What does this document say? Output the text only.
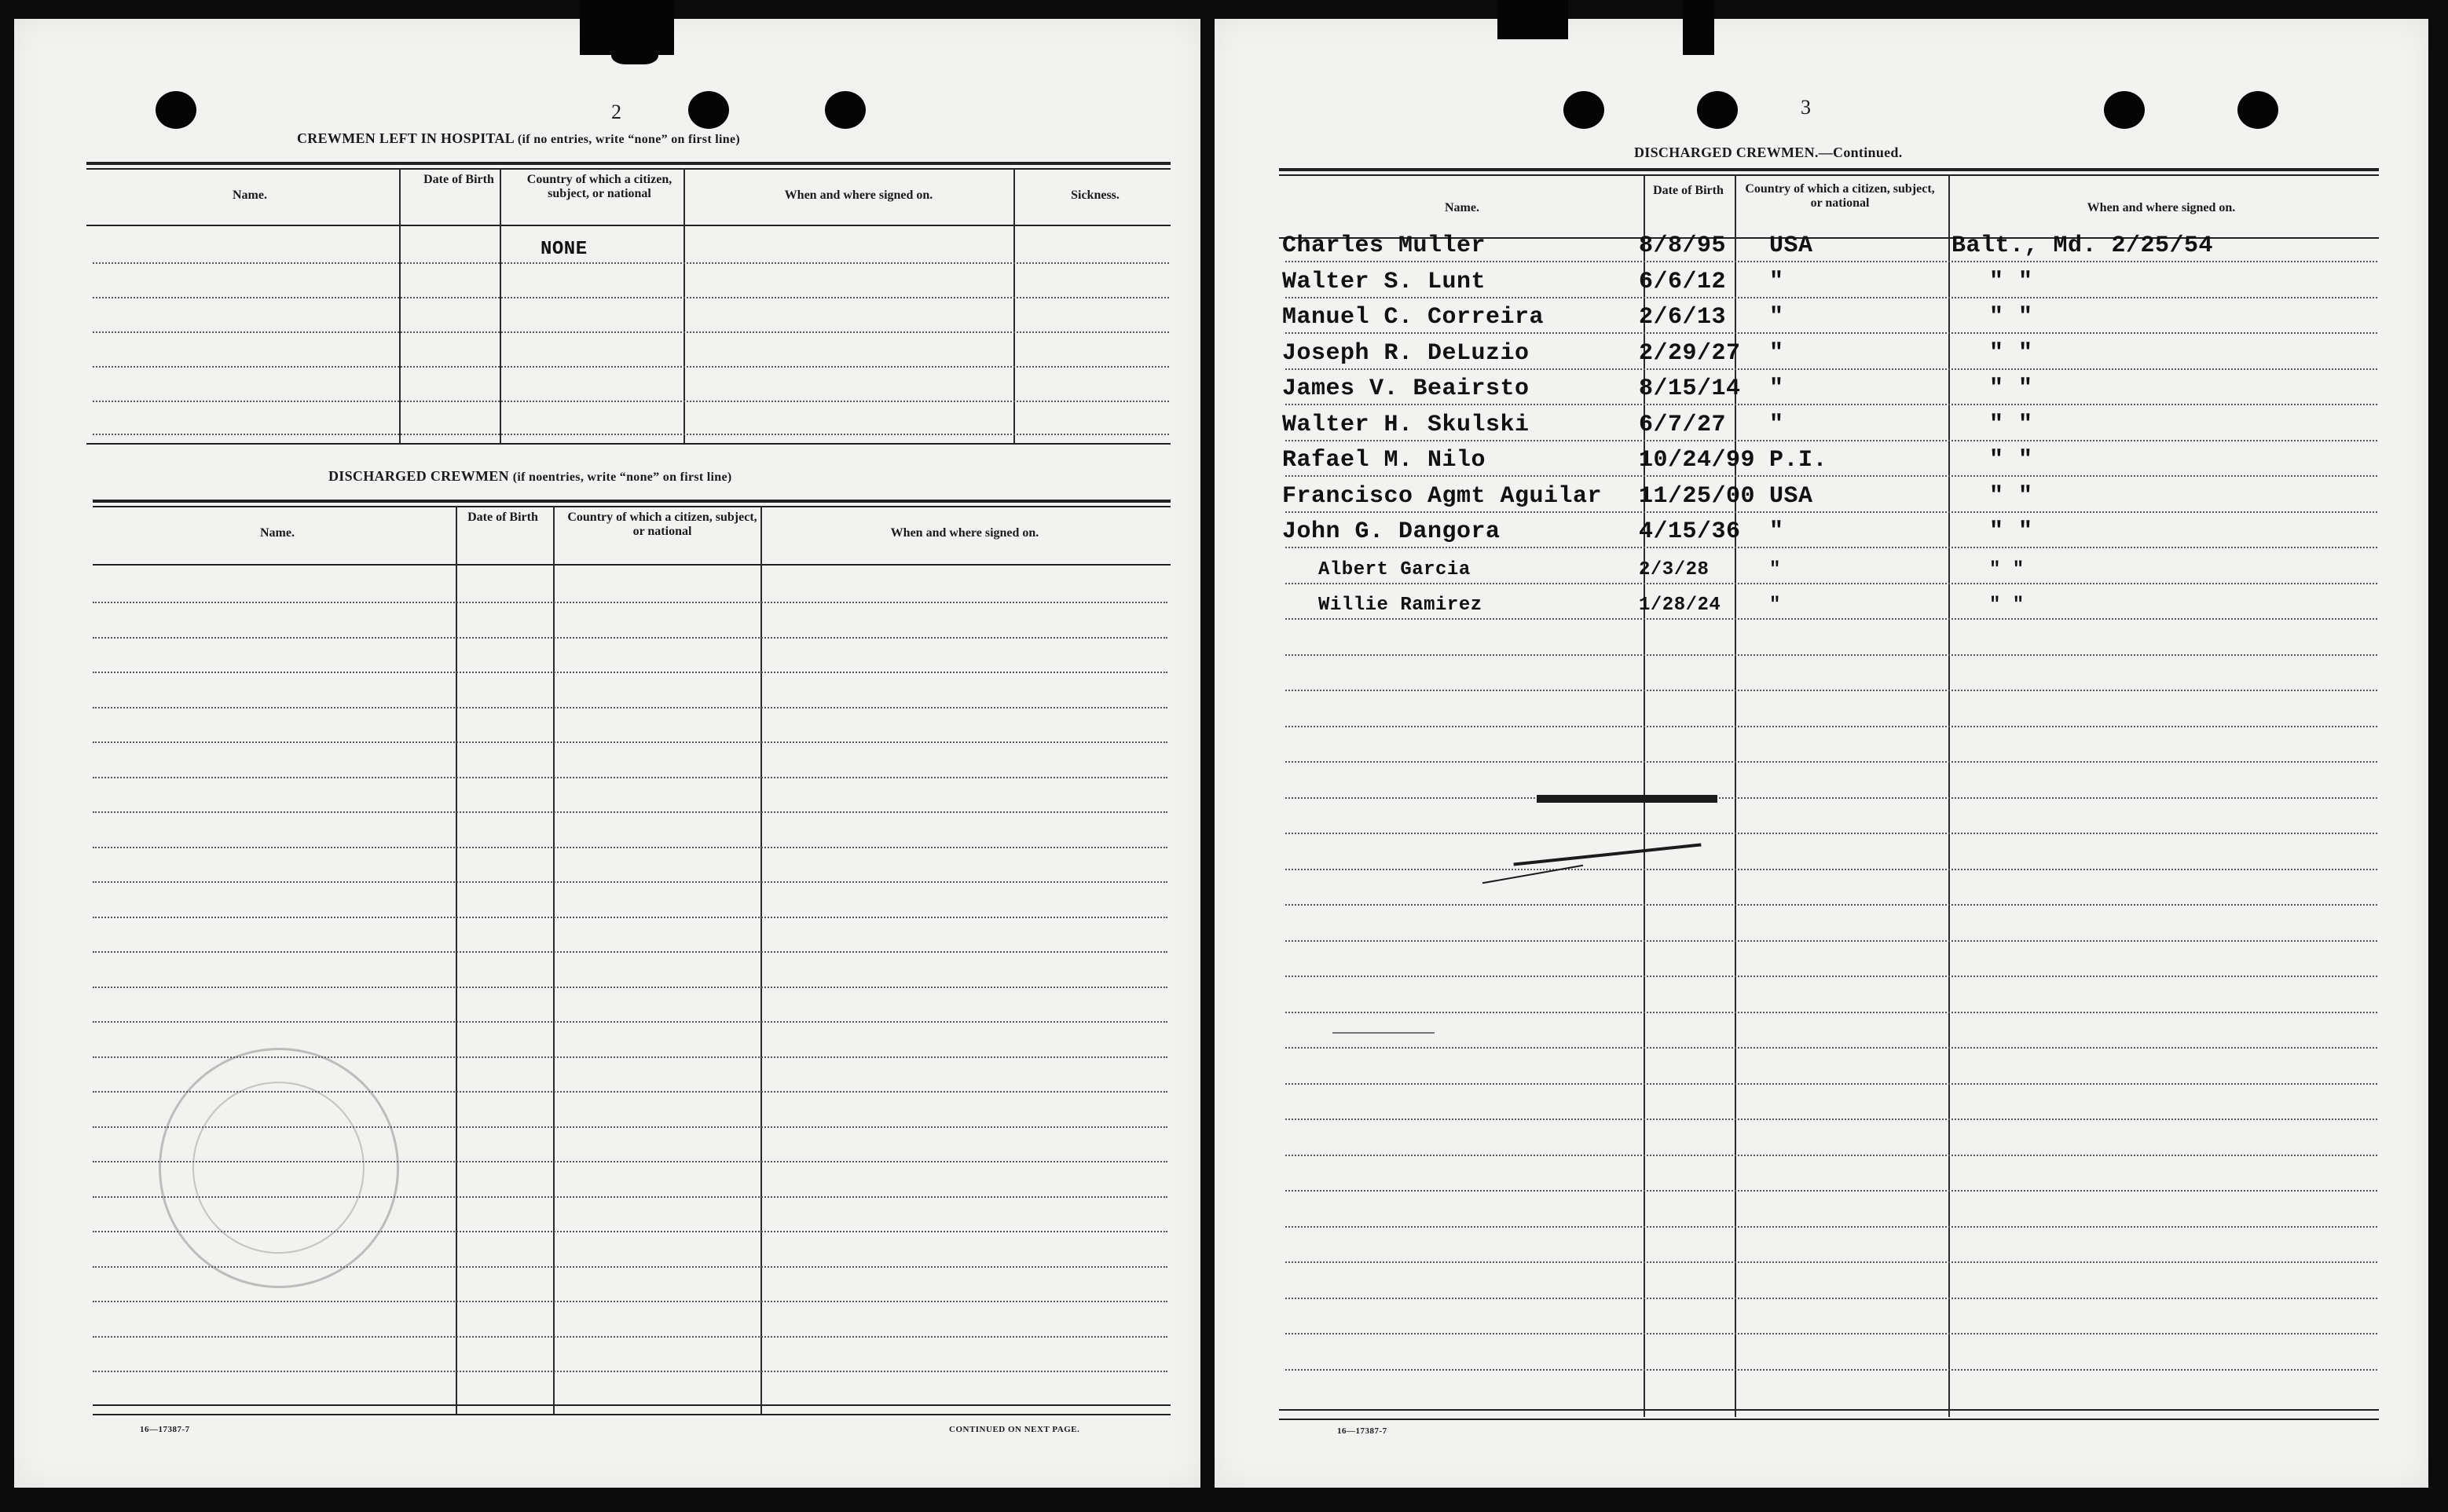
2
CREWMEN LEFT IN HOSPITAL (if no entries, write “none” on first line)
Name.
Date of Birth	Country of which a citizen, subject, or national	When and where signed on.	Sickness.
NONE
DISCHARGED CREWMEN (if noentries, write “none” on first line)
Name.
Date of Birth	Country of which a citizen, subject, or national	When and where signed on.
16—17387-7	CONTINUED ON NEXT PAGE.
3
DISCHARGED CREWMEN.—Continued.
Name.
Date of Birth	Country of which a citizen, subject, or national	When and where signed on.
Charles Muller	8/8/95 USA	Balt., Md. 2/25/54
Walter S. Lunt	6/6/12 "	" "
Manuel C. Correira	2/6/13 "	" "
Joseph R. DeLuzio	2/29/27 "	" "
James V. Beairsto	8/15/14 "	" "
Walter H. Skulski	6/7/27 "	" "
Rafael M. Nilo	10/24/99 P.I.	" "
Francisco Agmt Aguilar 11/25/00 USA	" "
John G. Dangora	4/15/36 "	" "
Albert Garcia	2/3/28	"	" "
Willie Ramirez	1/28/24	"	" "
16—17387-7
